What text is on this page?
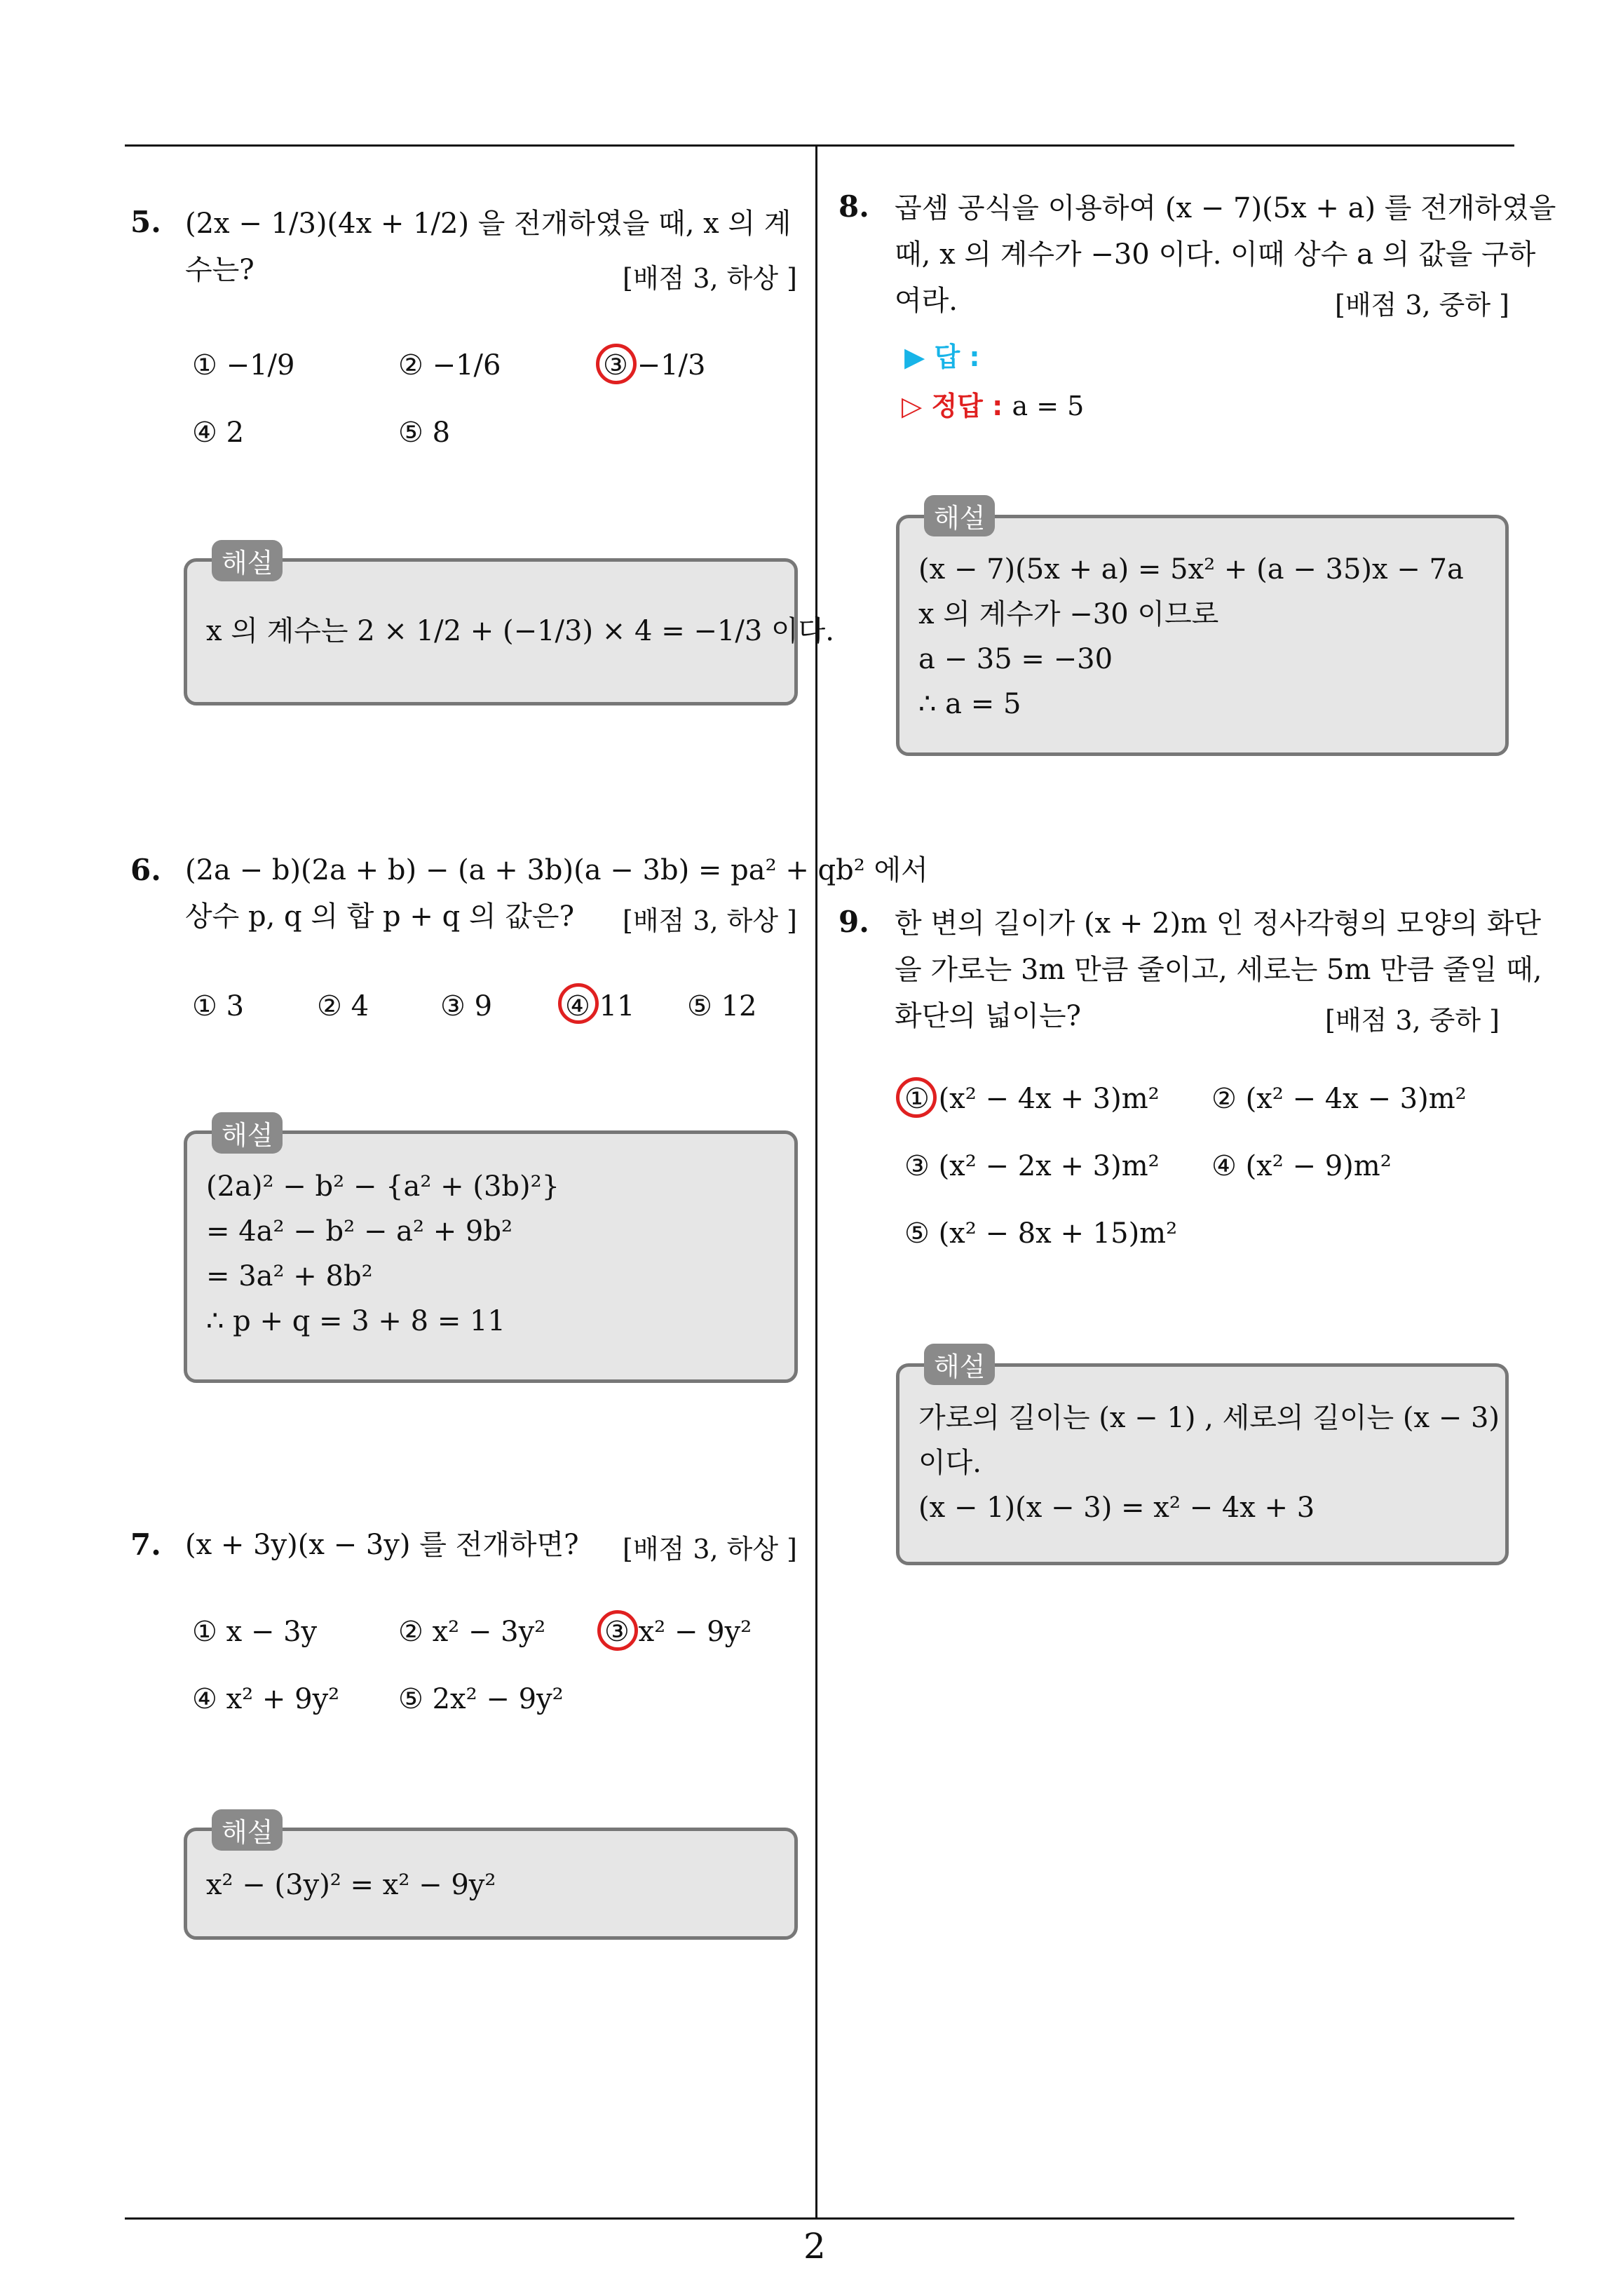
5. (2x − 1/3)(4x + 1/2) 을 전개하였을 때, x 의 계수는?	[배점 3, 하상 ]
① −1/9	② −1/6	③ −1/3
④ 2	⑤ 8
해설
x 의 계수는 2 × 1/2 + (−1/3) × 4 = −1/3 이다.
6. (2a − b)(2a + b) − (a + 3b)(a − 3b) = pa² + qb² 에서
상수 p, q 의 합 p + q 의 값은? [배점 3, 하상 ]
① 3	② 4	③ 9	④ 11 ⑤ 12
해설
(2a)² − b² − {a² + (3b)²}
= 4a² − b² − a² + 9b²
= 3a² + 8b²
∴ p + q = 3 + 8 = 11
7. (x + 3y)(x − 3y) 를 전개하면? [배점 3, 하상 ]
① x − 3y	② x² − 3y² ③ x² − 9y²
④ x² + 9y² ⑤ 2x² − 9y²
해설
x² − (3y)² = x² − 9y²
8. 곱셈 공식을 이용하여 (x − 7)(5x + a) 를 전개하였을
때, x 의 계수가 −30 이다. 이때 상수 a 의 값을 구하
여라.	[배점 3, 중하 ]
▶ 답 :
▷ 정답 : a = 5
해설
(x − 7)(5x + a) = 5x² + (a − 35)x − 7a
x 의 계수가 −30 이므로
a − 35 = −30
∴ a = 5
9. 한 변의 길이가 (x + 2)m 인 정사각형의 모양의 화단
을 가로는 3m 만큼 줄이고, 세로는 5m 만큼 줄일 때,
화단의 넓이는?	[배점 3, 중하 ]
① (x² − 4x + 3)m² ② (x² − 4x − 3)m²
③ (x² − 2x + 3)m² ④ (x² − 9)m²
⑤ (x² − 8x + 15)m²
해설
가로의 길이는 (x − 1) , 세로의 길이는 (x − 3)
이다.
(x − 1)(x − 3) = x² − 4x + 3
2
